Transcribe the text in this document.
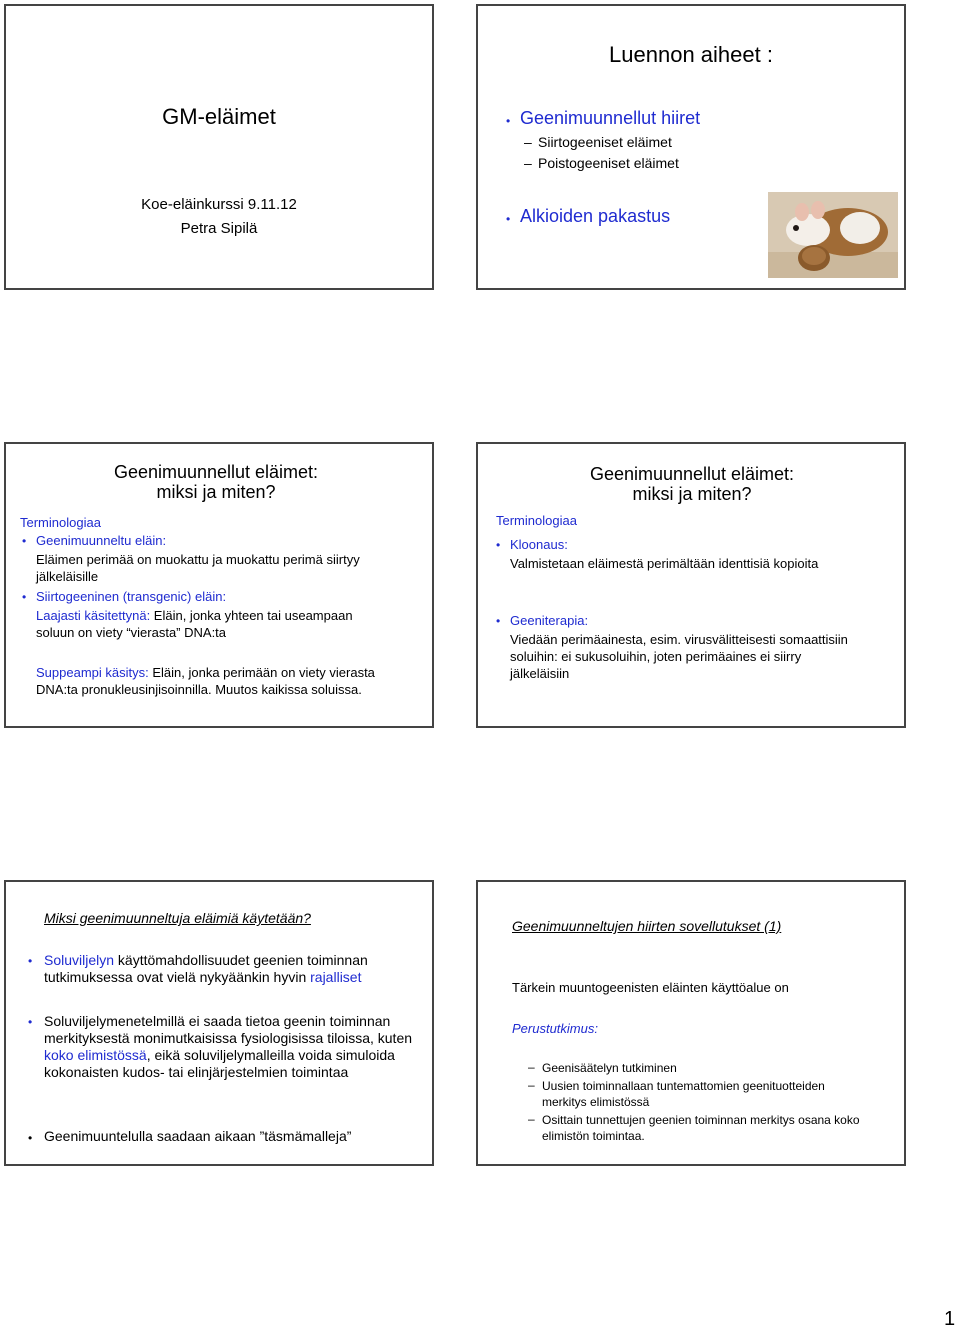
GM-eläimet
Koe-eläinkurssi 9.11.12
Petra Sipilä
Luennon aiheet :
• Geenimuunnellut hiiret
– Siirtogeeniset eläimet
– Poistogeeniset eläimet
• Alkioiden pakastus
Geenimuunnellut eläimet:
miksi ja miten?
Terminologiaa
• Geenimuunneltu eläin:
Eläimen perimää on muokattu ja muokattu perimä siirtyy jälkeläisille
• Siirtogeeninen (transgenic) eläin:
Laajasti käsitettynä: Eläin, jonka yhteen tai useampaan soluun on viety “vierasta” DNA:ta
Suppeampi käsitys: Eläin, jonka perimään on viety vierasta DNA:ta pronukleusinjisoinnilla. Muutos kaikissa soluissa.
Geenimuunnellut eläimet:
miksi ja miten?
Terminologiaa
• Kloonaus:
Valmistetaan eläimestä perimältään identtisiä kopioita
• Geeniterapia:
Viedään perimäainesta, esim. virusvälitteisesti somaattisiin soluihin: ei sukusoluihin, joten perimäaines ei siirry jälkeläisiin
Miksi geenimuunneltuja eläimiä käytetään?
• Soluviljelyn käyttömahdollisuudet geenien toiminnan tutkimuksessa ovat vielä nykyäänkin hyvin rajalliset
• Soluviljelymenetelmillä ei saada tietoa geenin toiminnan merkityksestä monimutkaisissa fysiologisissa tiloissa, kuten koko elimistössä, eikä soluviljelymalleilla voida simuloida kokonaisten kudos- tai elinjärjestelmien toimintaa
• Geenimuuntelulla saadaan aikaan ”täsmämalleja”
Geenimuunneltujen hiirten sovellutukset (1)
Tärkein muuntogeenisten eläinten käyttöalue on
Perustutkimus:
– Geenisäätelyn tutkiminen
– Uusien toiminnallaan tuntemattomien geenituotteiden merkitys elimistössä
– Osittain tunnettujen geenien toiminnan merkitys osana koko elimistön toimintaa.
1
